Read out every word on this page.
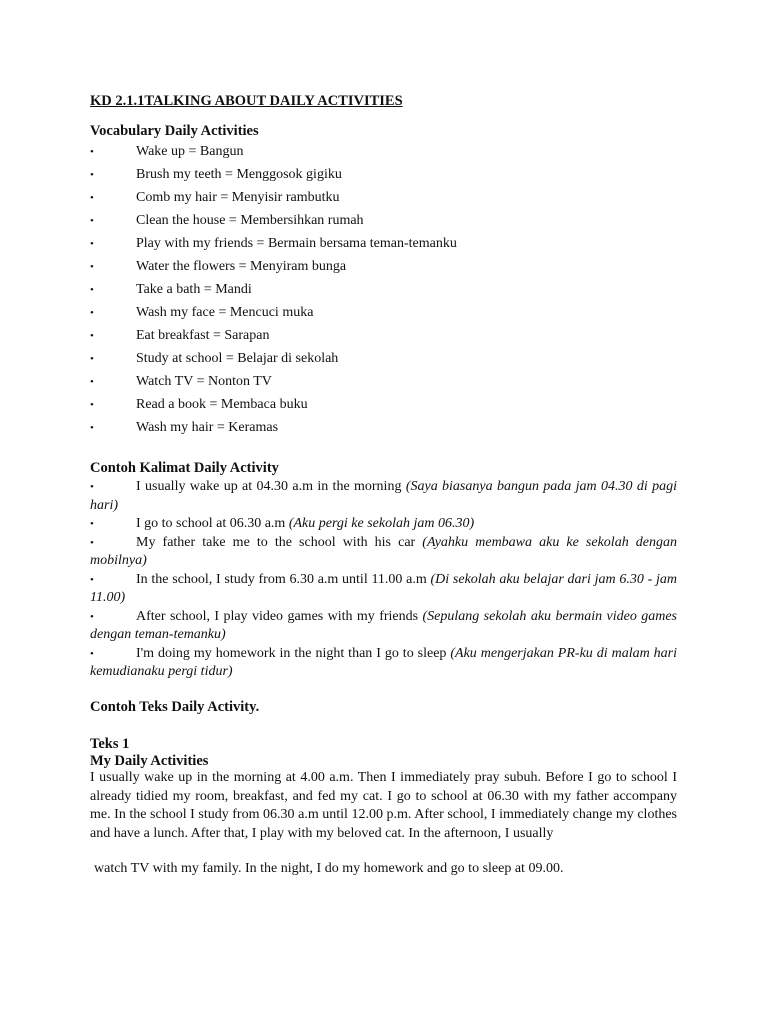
KD 2.1.1TALKING ABOUT DAILY ACTIVITIES
Vocabulary Daily Activities
•	Wake up = Bangun
•	Brush my teeth = Menggosok gigiku
•	Comb my hair = Menyisir rambutku
•	Clean the house = Membersihkan rumah
•	Play with my friends = Bermain bersama teman-temanku
•	Water the flowers = Menyiram bunga
•	Take a bath = Mandi
•	Wash my face = Mencuci muka
•	Eat breakfast = Sarapan
•	Study at school = Belajar di sekolah
•	Watch TV = Nonton TV
•	Read a book = Membaca buku
•	Wash my hair = Keramas
Contoh Kalimat Daily Activity
•	I usually wake up at 04.30 a.m in the morning (Saya biasanya bangun pada jam 04.30 di pagi hari)
•	I go to school at 06.30 a.m (Aku pergi ke sekolah jam 06.30)
•	My father take me to the school with his car (Ayahku membawa aku ke sekolah dengan mobilnya)
•	In the school, I study from 6.30 a.m until 11.00 a.m (Di sekolah aku belajar dari jam 6.30 - jam 11.00)
•	After school, I play video games with my friends (Sepulang sekolah aku bermain video games dengan teman-temanku)
•	I'm doing my homework in the night than I go to sleep (Aku mengerjakan PR-ku di malam hari kemudianaku pergi tidur)
Contoh Teks Daily Activity.
Teks 1
My Daily Activities
I usually wake up in the morning at 4.00 a.m. Then I immediately pray subuh. Before I go to school I already tidied my room, breakfast, and fed my cat. I go to school at 06.30 with my father accompany me. In the school I study from 06.30 a.m until 12.00 p.m. After school, I immediately change my clothes and have a lunch. After that, I play with my beloved cat. In the afternoon, I usually
watch TV with my family. In the night, I do my homework and go to sleep at 09.00.
